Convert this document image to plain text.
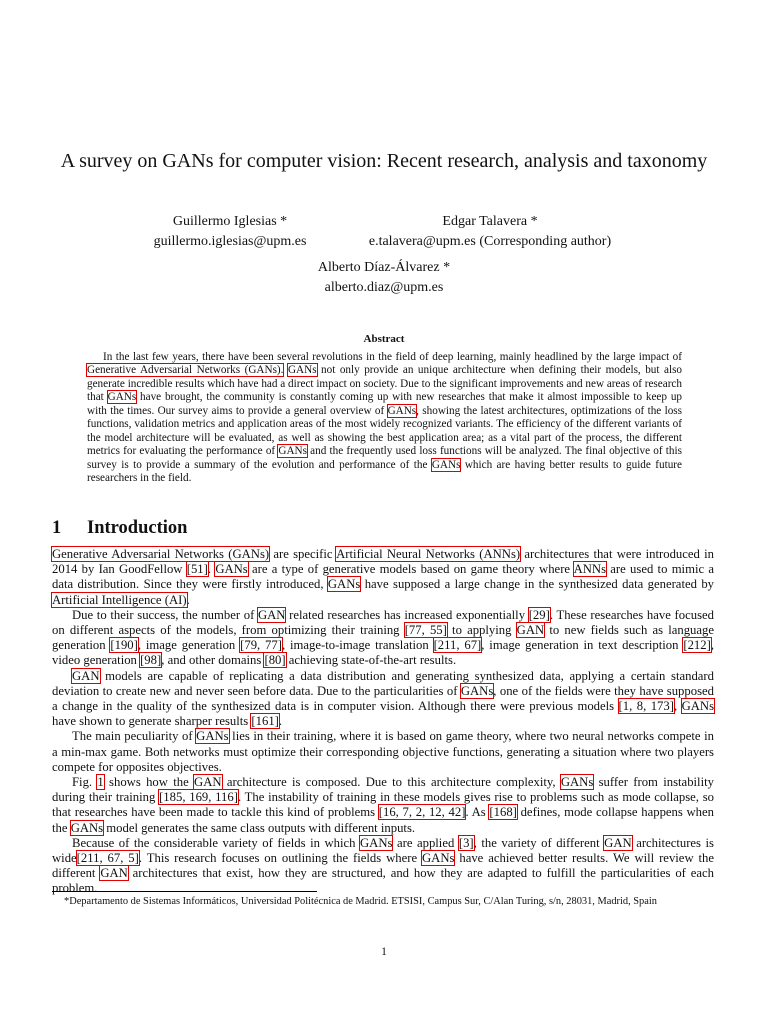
A survey on GANs for computer vision: Recent research, analysis and taxonomy
Guillermo Iglesias *
guillermo.iglesias@upm.es
Edgar Talavera *
e.talavera@upm.es (Corresponding author)
Alberto Díaz-Álvarez *
alberto.diaz@upm.es
Abstract

In the last few years, there have been several revolutions in the field of deep learning, mainly headlined by the large impact of Generative Adversarial Networks (GANs). GANs not only provide an unique architecture when defining their models, but also generate incredible results which have had a direct impact on society. Due to the significant improvements and new areas of research that GANs have brought, the community is constantly coming up with new researches that make it almost impossible to keep up with the times. Our survey aims to provide a general overview of GANs, showing the latest architectures, optimizations of the loss functions, validation metrics and application areas of the most widely recognized variants. The efficiency of the different variants of the model architecture will be evaluated, as well as showing the best application area; as a vital part of the process, the different metrics for evaluating the performance of GANs and the frequently used loss functions will be analyzed. The final objective of this survey is to provide a summary of the evolution and performance of the GANs which are having better results to guide future researchers in the field.

1 Introduction

Generative Adversarial Networks (GANs) are specific Artificial Neural Networks (ANNs) architectures that were introduced in 2014 by Ian GoodFellow [51]. GANs are a type of generative models based on game theory where ANNs are used to mimic a data distribution. Since they were firstly introduced, GANs have supposed a large change in the synthesized data generated by Artificial Intelligence (AI).

Due to their success, the number of GAN related researches has increased exponentially [29]. These researches have focused on different aspects of the models, from optimizing their training [77, 55] to applying GAN to new fields such as language generation [190], image generation [79, 77], image-to-image translation [211, 67], image generation in text description [212], video generation [98], and other domains [80] achieving state-of-the-art results.

GAN models are capable of replicating a data distribution and generating synthesized data, applying a certain standard deviation to create new and never seen before data. Due to the particularities of GANs, one of the fields were they have supposed a change in the quality of the synthesized data is in computer vision. Although there were previous models [1, 8, 173], GANs have shown to generate sharper results [161].

The main peculiarity of GANs lies in their training, where it is based on game theory, where two neural networks compete in a min-max game. Both networks must optimize their corresponding objective functions, generating a situation where two players compete for opposites objectives.

Fig. 1 shows how the GAN architecture is composed. Due to this architecture complexity, GANs suffer from instability during their training [185, 169, 116]. The instability of training in these models gives rise to problems such as mode collapse, so that researches have been made to tackle this kind of problems [16, 7, 2, 12, 42]. As [168] defines, mode collapse happens when the GANs model generates the same class outputs with different inputs.

Because of the considerable variety of fields in which GANs are applied [3], the variety of different GAN architectures is wide[211, 67, 5]. This research focuses on outlining the fields where GANs have achieved better results. We will review the different GAN architectures that exist, how they are structured, and how they are adapted to fulfill the particularities of each problem.

*Departamento de Sistemas Informáticos, Universidad Politécnica de Madrid. ETSISI, Campus Sur, C/Alan Turing, s/n, 28031, Madrid, Spain

1
